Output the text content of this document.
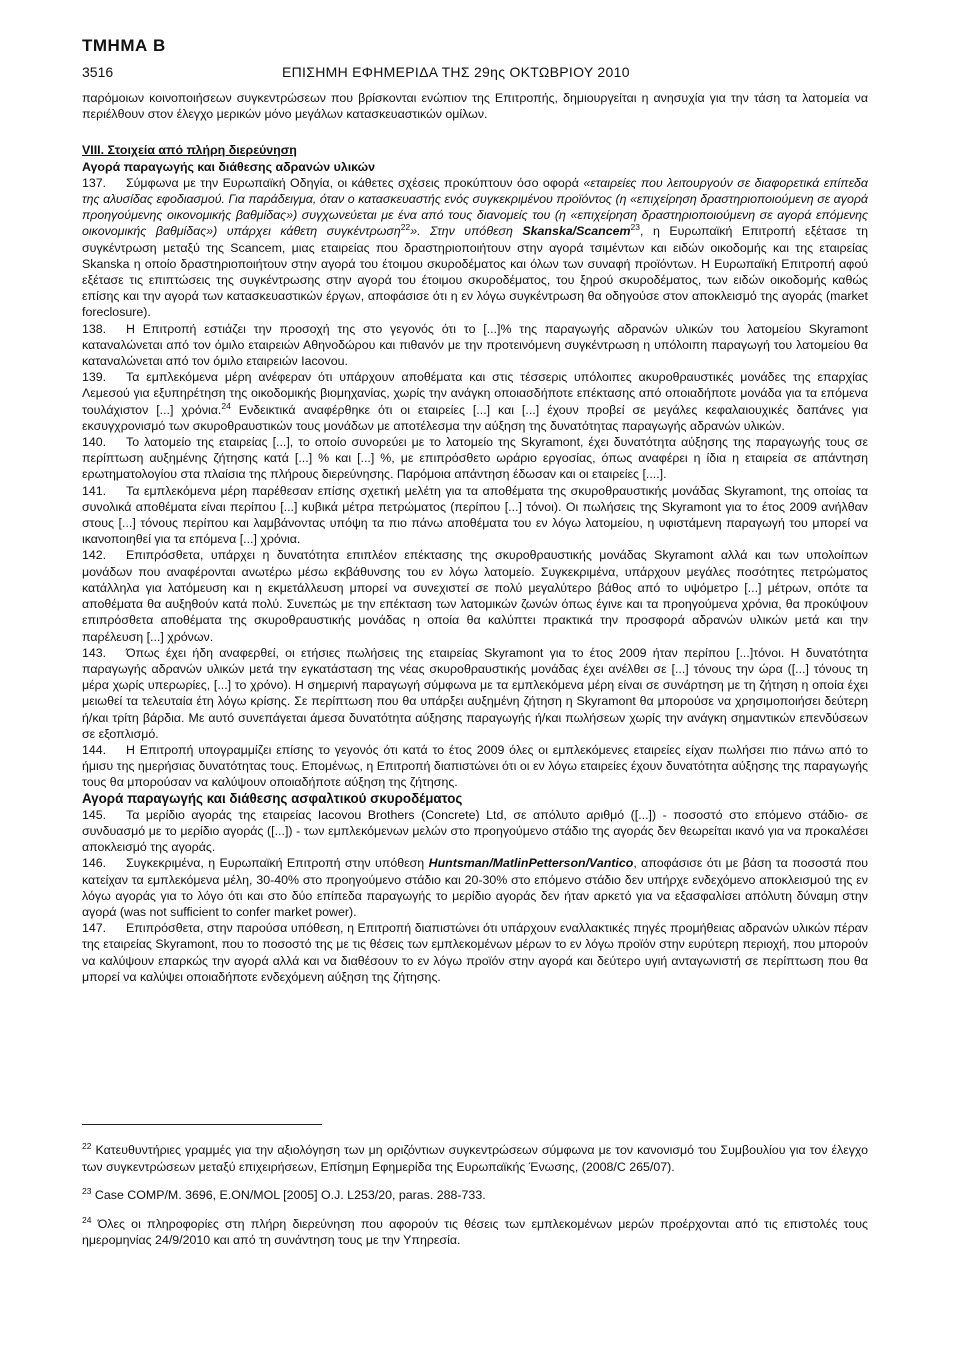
ΤΜΗΜΑ Β
3516	ΕΠΙΣΗΜΗ ΕΦΗΜΕΡΙΔΑ ΤΗΣ 29ης ΟΚΤΩΒΡΙΟΥ 2010

παρόμοιων κοινοποιήσεων συγκεντρώσεων που βρίσκονται ενώπιον της Επιτροπής, δημιουργείται η ανησυχία για την τάση τα λατομεία να περιέλθουν στον έλεγχο μερικών μόνο μεγάλων κατασκευαστικών ομίλων.

VIII. Στοιχεία από πλήρη διερεύνηση

Αγορά παραγωγής και διάθεσης αδρανών υλικών

137. Σύμφωνα με την Ευρωπαϊκή Οδηγία, οι κάθετες σχέσεις προκύπτουν όσο οφορά «εταιρείες που λειτουργούν σε διαφορετικά επίπεδα της αλυσίδας εφοδιασμού. Για παράδειγμα, όταν ο κατασκευαστής ενός συγκεκριμένου προϊόντος (η «επιχείρηση δραστηριοποιούμενη σε αγορά προηγούμενης οικονομικής βαθμίδας») συγχωνεύεται με ένα από τους διανομείς του (η «επιχείρηση δραστηριοποιούμενη σε αγορά επόμενης οικονομικής βαθμίδας») υπάρχει κάθετη συγκέντρωση$^{22}$». Στην υπόθεση Skanska/Scancem$^{23}$, η Ευρωπαϊκή Επιτροπή εξέτασε τη συγκέντρωση μεταξύ της Scancem, μιας εταιρείας που δραστηριοποιήτουν στην αγορά τσιμέντων και ειδών οικοδομής και της εταιρείας Skanska η οποίο δραστηριοποιήτουν στην αγορά του έτοιμου σκυροδέματος και όλων των συναφή προϊόντων. Η Ευρωπαϊκή Επιτροπή αφού εξέτασε τις επιπτώσεις της συγκέντρωσης στην αγορά του έτοιμου σκυροδέματος, του ξηρού σκυροδέματος, των ειδών οικοδομής καθώς επίσης και την αγορά των κατασκευαστικών έργων, αποφάσισε ότι η εν λόγω συγκέντρωση θα οδηγούσε στον αποκλεισμό της αγοράς (market foreclosure).

138. Η Επιτροπή εστιάζει την προσοχή της στο γεγονός ότι το [...]% της παραγωγής αδρανών υλικών του λατομείου Skyramont καταναλώνεται από τον όμιλο εταιρειών Αθηνοδώρου και πιθανόν με την προτεινόμενη συγκέντρωση η υπόλοιπη παραγωγή του λατομείου θα καταναλώνεται από τον όμιλο εταιρειών Iacovou.

139. Τα εμπλεκόμενα μέρη ανέφεραν ότι υπάρχουν αποθέματα και στις τέσσερις υπόλοιπες ακυροθραυστικές μονάδες της επαρχίας Λεμεσού για εξυπηρέτηση της οικοδομικής βιομηχανίας, χωρίς την ανάγκη οποιασδήποτε επέκτασης από οποιαδήποτε μονάδα για τα επόμενα τουλάχιστον [...] χρόνια.$^{24}$ Ενδεικτικά αναφέρθηκε ότι οι εταιρείες [...] και [...] έχουν προβεί σε μεγάλες κεφαλαιουχικές δαπάνες για εκσυγχρονισμό των σκυροθραυστικών τους μονάδων με αποτέλεσμα την αύξηση της δυνατότητας παραγωγής αδρανών υλικών.

140. Το λατομείο της εταιρείας [...], το οποίο συνορεύει με το λατομείο της Skyramont, έχει δυνατότητα αύξησης της παραγωγής τους σε περίπτωση αυξημένης ζήτησης κατά [...] % και [...] %, με επιπρόσθετο ωράριο εργοσίας, όπως αναφέρει η ίδια η εταιρεία σε απάντηση ερωτηματολογίου στα πλαίσια της πλήρους διερεύνησης. Παρόμοια απάντηση έδωσαν και οι εταιρείες [....].

141. Τα εμπλεκόμενα μέρη παρέθεσαν επίσης σχετική μελέτη για τα αποθέματα της σκυροθραυστικής μονάδας Skyramont, της οποίας τα συνολικά αποθέματα είναι περίπου [...] κυβικά μέτρα πετρώματος (περίπου [...] τόνοι). Οι πωλήσεις της Skyramont για το έτος 2009 ανήλθαν στους [...] τόνους περίπου και λαμβάνοντας υπόψη τα πιο πάνω αποθέματα του εν λόγω λατομείου, η υφιστάμενη παραγωγή του μπορεί να ικανοποιηθεί για τα επόμενα [...] χρόνια.

142. Επιπρόσθετα, υπάρχει η δυνατότητα επιπλέον επέκτασης της σκυροθραυστικής μονάδας Skyramont αλλά και των υπολοίπων μονάδων που αναφέρονται ανωτέρω μέσω εκβάθυνσης του εν λόγω λατομείο. Συγκεκριμένα, υπάρχουν μεγάλες ποσότητες πετρώματος κατάλληλα για λατόμευση και η εκμετάλλευση μπορεί να συνεχιστεί σε πολύ μεγαλύτερο βάθος από το υψόμετρο [...] μέτρων, οπότε τα αποθέματα θα αυξηθούν κατά πολύ. Συνεπώς με την επέκταση των λατομικών ζωνών όπως έγινε και τα προηγούμενα χρόνια, θα προκύψουν επιπρόσθετα αποθέματα της σκυροθραυστικής μονάδας η οποία θα καλύπτει πρακτικά την προσφορά αδρανών υλικών μετά και την παρέλευση [...] χρόνων.

143. Όπως έχει ήδη αναφερθεί, οι ετήσιες πωλήσεις της εταιρείας Skyramont για το έτος 2009 ήταν περίπου [...]τόνοι. Η δυνατότητα παραγωγής αδρανών υλικών μετά την εγκατάσταση της νέας σκυροθραυστικής μονάδας έχει ανέλθει σε [...] τόνους την ώρα ([...] τόνους τη μέρα χωρίς υπερωρίες, [...] το χρόνο). Η σημερινή παραγωγή σύμφωνα με τα εμπλεκόμενα μέρη είναι σε συνάρτηση με τη ζήτηση η οποία έχει μειωθεί τα τελευταία έτη λόγω κρίσης. Σε περίπτωση που θα υπάρξει αυξημένη ζήτηση η Skyramont θα μπορούσε να χρησιμοποιήσει δεύτερη ή/και τρίτη βάρδια. Με αυτό συνεπάγεται άμεσα δυνατότητα αύξησης παραγωγής ή/και πωλήσεων χωρίς την ανάγκη σημαντικών επενδύσεων σε εξοπλισμό.

144. Η Επιτροπή υπογραμμίζει επίσης το γεγονός ότι κατά το έτος 2009 όλες οι εμπλεκόμενες εταιρείες είχαν πωλήσει πιο πάνω από το ήμισυ της ημερήσιας δυνατότητας τους. Επομένως, η Επιτροπή διαπιστώνει ότι οι εν λόγω εταιρείες έχουν δυνατότητα αύξησης της παραγωγής τους θα μπορούσαν να καλύψουν οποιαδήποτε αύξηση της ζήτησης.

Αγορά παραγωγής και διάθεσης ασφαλτικού σκυροδέματος

145. Τα μερίδιο αγοράς της εταιρείας Iacovou Brothers (Concrete) Ltd, σε απόλυτο αριθμό ([...]) - ποσοστό στο επόμενο στάδιο- σε συνδυασμό με το μερίδιο αγοράς ([...]) - των εμπλεκόμενων μελών στο προηγούμενο στάδιο της αγοράς δεν θεωρείται ικανό για να προκαλέσει αποκλεισμό της αγοράς.

146. Συγκεκριμένα, η Ευρωπαϊκή Επιτροπή στην υπόθεση Huntsman/MatlinPetterson/Vantico, αποφάσισε ότι με βάση τα ποσοστά που κατείχαν τα εμπλεκόμενα μέλη, 30-40% στο προηγούμενο στάδιο και 20-30% στο επόμενο στάδιο δεν υπήρχε ενδεχόμενο αποκλεισμού της εν λόγω αγοράς για το λόγο ότι και στο δύο επίπεδα παραγωγής το μερίδιο αγοράς δεν ήταν αρκετό για να εξασφαλίσει απόλυτη δύναμη στην αγορά (was not sufficient to confer market power).

147. Επιπρόσθετα, στην παρούσα υπόθεση, η Επιτροπή διαπιστώνει ότι υπάρχουν εναλλακτικές πηγές προμήθειας αδρανών υλικών πέραν της εταιρείας Skyramont, που το ποσοστό της με τις θέσεις των εμπλεκομένων μέρων το εν λόγω προϊόν στην ευρύτερη περιοχή, που μπορούν να καλύψουν επαρκώς την αγορά αλλά και να διαθέσουν το εν λόγω προϊόν στην αγορά και δεύτερο υγιή ανταγωνιστή σε περίπτωση που θα μπορεί να καλύψει οποιαδήποτε ενδεχόμενη αύξηση της ζήτησης.

$^{22}$ Κατευθυντήριες γραμμές για την αξιολόγηση των μη οριζόντιων συγκεντρώσεων σύμφωνα με τον κανονισμό του Συμβουλίου για τον έλεγχο των συγκεντρώσεων μεταξύ επιχειρήσεων, Επίσημη Εφημερίδα της Ευρωπαϊκής Ένωσης, (2008/C 265/07).

$^{23}$ Case COMP/M. 3696, E.ON/MOL [2005] O.J. L253/20, paras. 288-733.

$^{24}$ Όλες οι πληροφορίες στη πλήρη διερεύνηση που αφορούν τις θέσεις των εμπλεκομένων μερών προέρχονται από τις επιστολές τους ημερομηνίας 24/9/2010 και από τη συνάντηση τους με την Υπηρεσία.
